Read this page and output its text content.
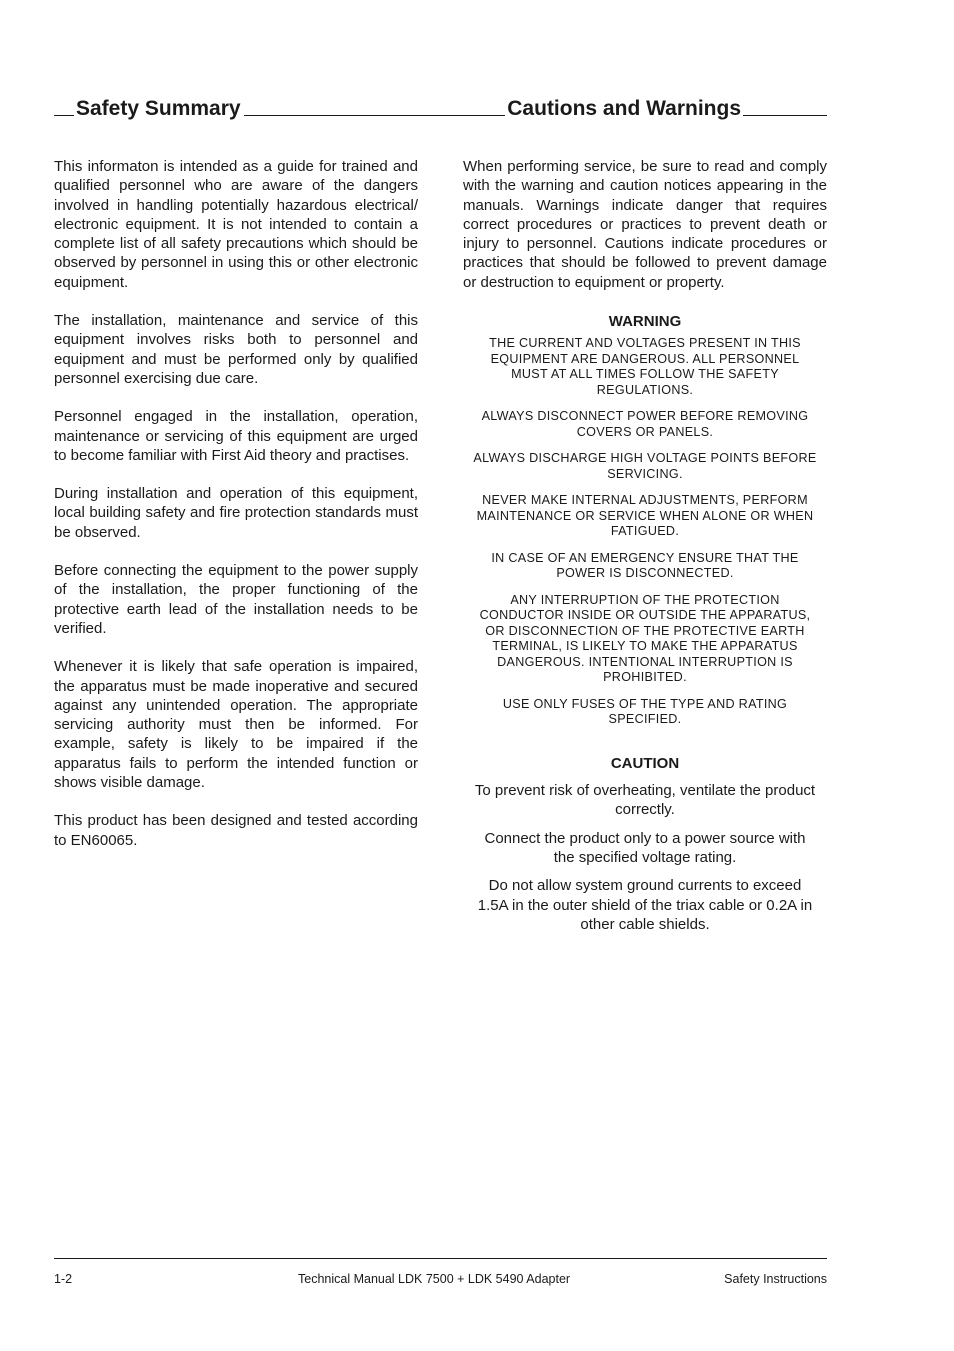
Safety Summary	Cautions and Warnings

This informaton is intended as a guide for trained and qualified personnel who are aware of the dangers involved in handling potentially hazardous electrical/ electronic equipment. It is not intended to contain a complete list of all safety precautions which should be observed by personnel in using this or other electronic equipment.

The installation, maintenance and service of this equipment involves risks both to personnel and equipment and must be performed only by qualified personnel exercising due care.

Personnel engaged in the installation, operation, maintenance or servicing of this equipment are urged to become familiar with First Aid theory and practises.

During installation and operation of this equipment, local building safety and fire protection standards must be observed.

Before connecting the equipment to the power supply of the installation, the proper functioning of the protective earth lead of the installation needs to be verified.

Whenever it is likely that safe operation is impaired, the apparatus must be made inoperative and secured against any unintended operation. The appropriate servicing authority must then be informed. For example, safety is likely to be impaired if the apparatus fails to perform the intended function or shows visible damage.

This product has been designed and tested according to EN60065.

When performing service, be sure to read and comply with the warning and caution notices appearing in the manuals. Warnings indicate danger that requires correct procedures or practices to prevent death or injury to personnel. Cautions indicate procedures or practices that should be followed to prevent damage or destruction to equipment or property.

WARNING

THE CURRENT AND VOLTAGES PRESENT IN THIS EQUIPMENT ARE DANGEROUS. ALL PERSONNEL MUST AT ALL TIMES FOLLOW THE SAFETY REGULATIONS.

ALWAYS DISCONNECT POWER BEFORE REMOVING COVERS OR PANELS.

ALWAYS DISCHARGE HIGH VOLTAGE POINTS BEFORE SERVICING.

NEVER MAKE INTERNAL ADJUSTMENTS, PERFORM MAINTENANCE OR SERVICE WHEN ALONE OR WHEN FATIGUED.

IN CASE OF AN EMERGENCY ENSURE THAT THE POWER IS DISCONNECTED.

ANY INTERRUPTION OF THE PROTECTION CONDUCTOR INSIDE OR OUTSIDE THE APPARATUS, OR DISCONNECTION OF THE PROTECTIVE EARTH TERMINAL, IS LIKELY TO MAKE THE APPARATUS DANGEROUS. INTENTIONAL INTERRUPTION IS PROHIBITED.

USE ONLY FUSES OF THE TYPE AND RATING SPECIFIED.

CAUTION

To prevent risk of overheating, ventilate the product correctly.

Connect the product only to a power source with the specified voltage rating.

Do not allow system ground currents to exceed 1.5A in the outer shield of the triax cable or 0.2A in other cable shields.

1-2	Technical Manual LDK 7500 + LDK 5490 Adapter	Safety Instructions
